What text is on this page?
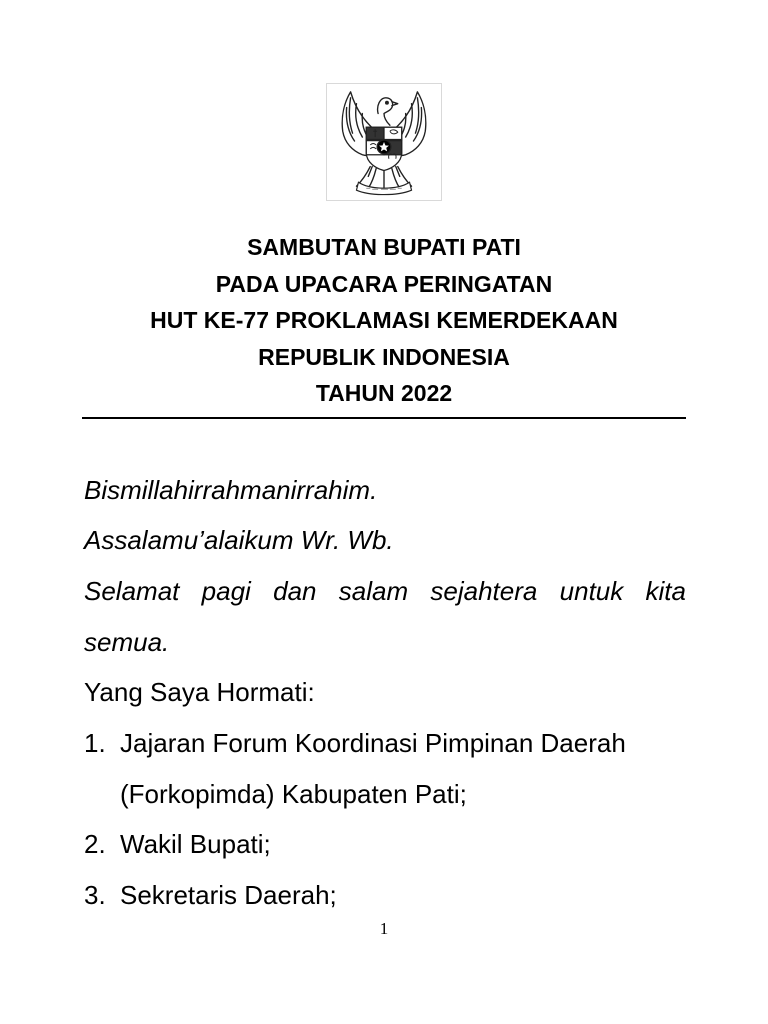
SAMBUTAN BUPATI PATI
PADA UPACARA PERINGATAN
HUT KE-77 PROKLAMASI KEMERDEKAAN
REPUBLIK INDONESIA
TAHUN 2022
Bismillahirrahmanirrahim.
Assalamu’alaikum Wr. Wb.
Selamat pagi dan salam sejahtera untuk kita
semua.
Yang Saya Hormati:
1. Jajaran Forum Koordinasi Pimpinan Daerah (Forkopimda) Kabupaten Pati;
2. Wakil Bupati;
3. Sekretaris Daerah;
1
